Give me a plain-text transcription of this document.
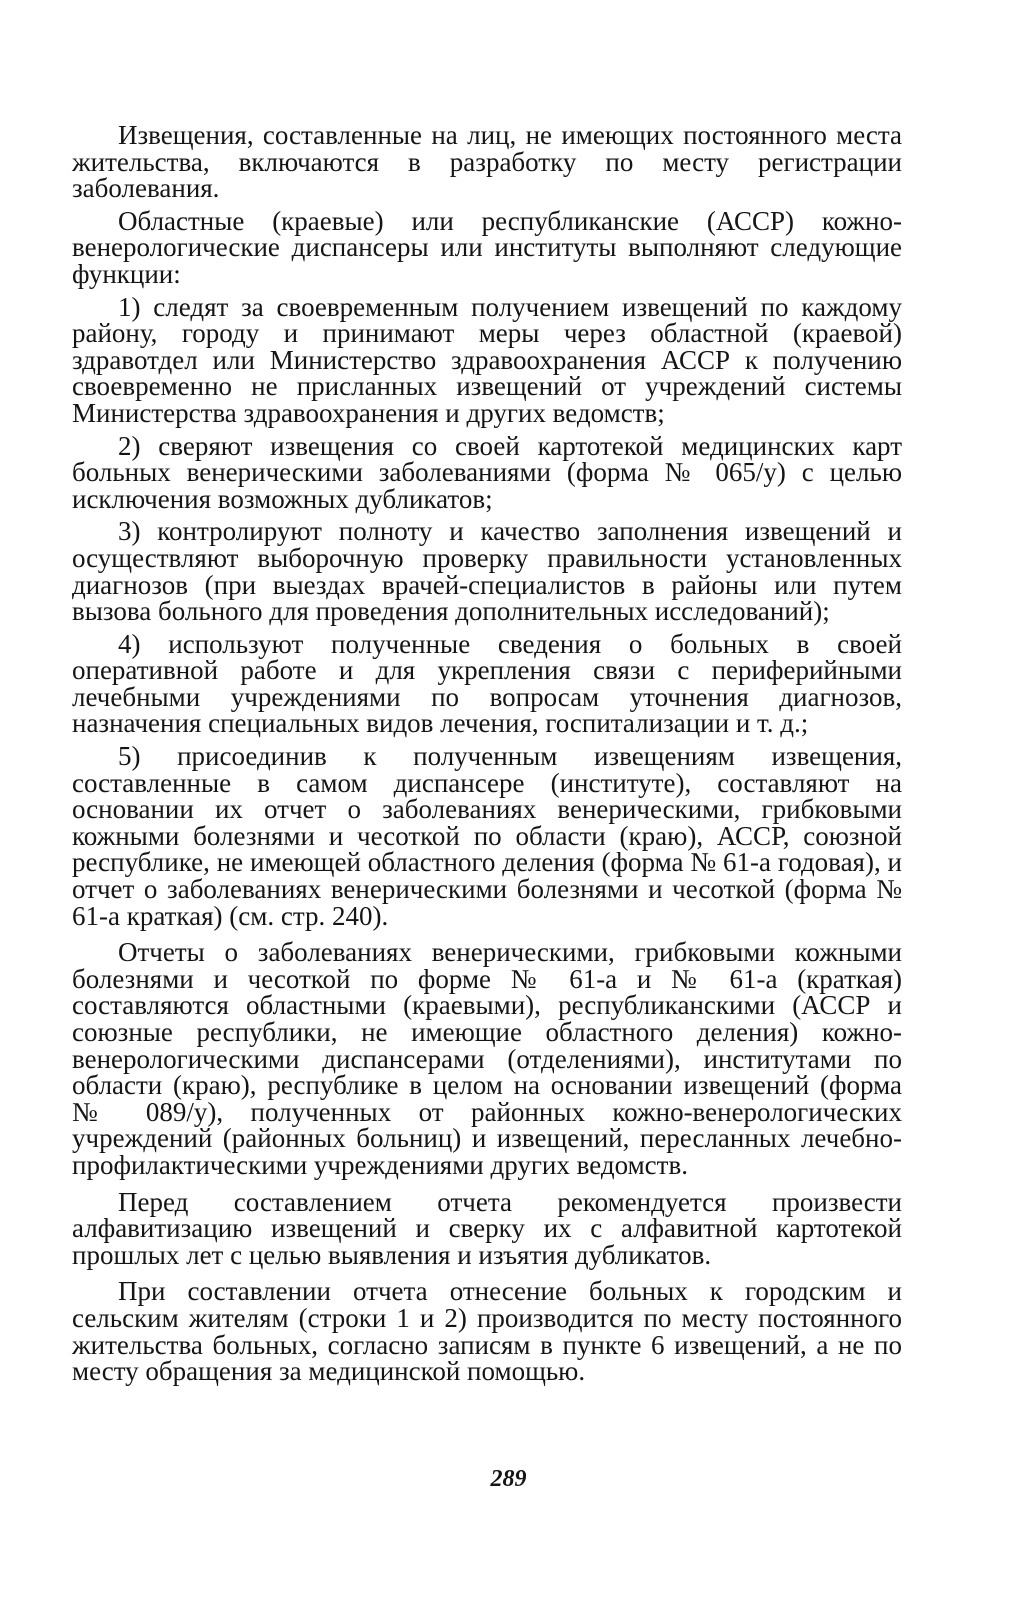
Извещения, составленные на лиц, не имеющих постоянного места жительства, включаются в разработку по месту регистрации заболевания.

Областные (краевые) или республиканские (АССР) кожно-венерологические диспансеры или институты выполняют следующие функции:

1) следят за своевременным получением извещений по каждому району, городу и принимают меры через областной (краевой) здравотдел или Министерство здравоохранения АССР к получению своевременно не присланных извещений от учреждений системы Министерства здравоохранения и других ведомств;

2) сверяют извещения со своей картотекой медицинских карт больных венерическими заболеваниями (форма № 065/у) с целью исключения возможных дубликатов;

3) контролируют полноту и качество заполнения извещений и осуществляют выборочную проверку правильности установленных диагнозов (при выездах врачей-специалистов в районы или путем вызова больного для проведения дополнительных исследований);

4) используют полученные сведения о больных в своей оперативной работе и для укрепления связи с периферийными лечебными учреждениями по вопросам уточнения диагнозов, назначения специальных видов лечения, госпитализации и т. д.;

5) присоединив к полученным извещениям извещения, составленные в самом диспансере (институте), составляют на основании их отчет о заболеваниях венерическими, грибковыми кожными болезнями и чесоткой по области (краю), АССР, союзной республике, не имеющей областного деления (форма № 61-а годовая), и отчет о заболеваниях венерическими болезнями и чесоткой (форма № 61-а краткая) (см. стр. 240).

Отчеты о заболеваниях венерическими, грибковыми кожными болезнями и чесоткой по форме № 61-а и № 61-а (краткая) составляются областными (краевыми), республиканскими (АССР и союзные республики, не имеющие областного деления) кожно-венерологическими диспансерами (отделениями), институтами по области (краю), республике в целом на основании извещений (форма № 089/у), полученных от районных кожно-венерологических учреждений (районных больниц) и извещений, пересланных лечебно-профилактическими учреждениями других ведомств.

Перед составлением отчета рекомендуется произвести алфавитизацию извещений и сверку их с алфавитной картотекой прошлых лет с целью выявления и изъятия дубликатов.

При составлении отчета отнесение больных к городским и сельским жителям (строки 1 и 2) производится по месту постоянного жительства больных, согласно записям в пункте 6 извещений, а не по месту обращения за медицинской помощью.

289
